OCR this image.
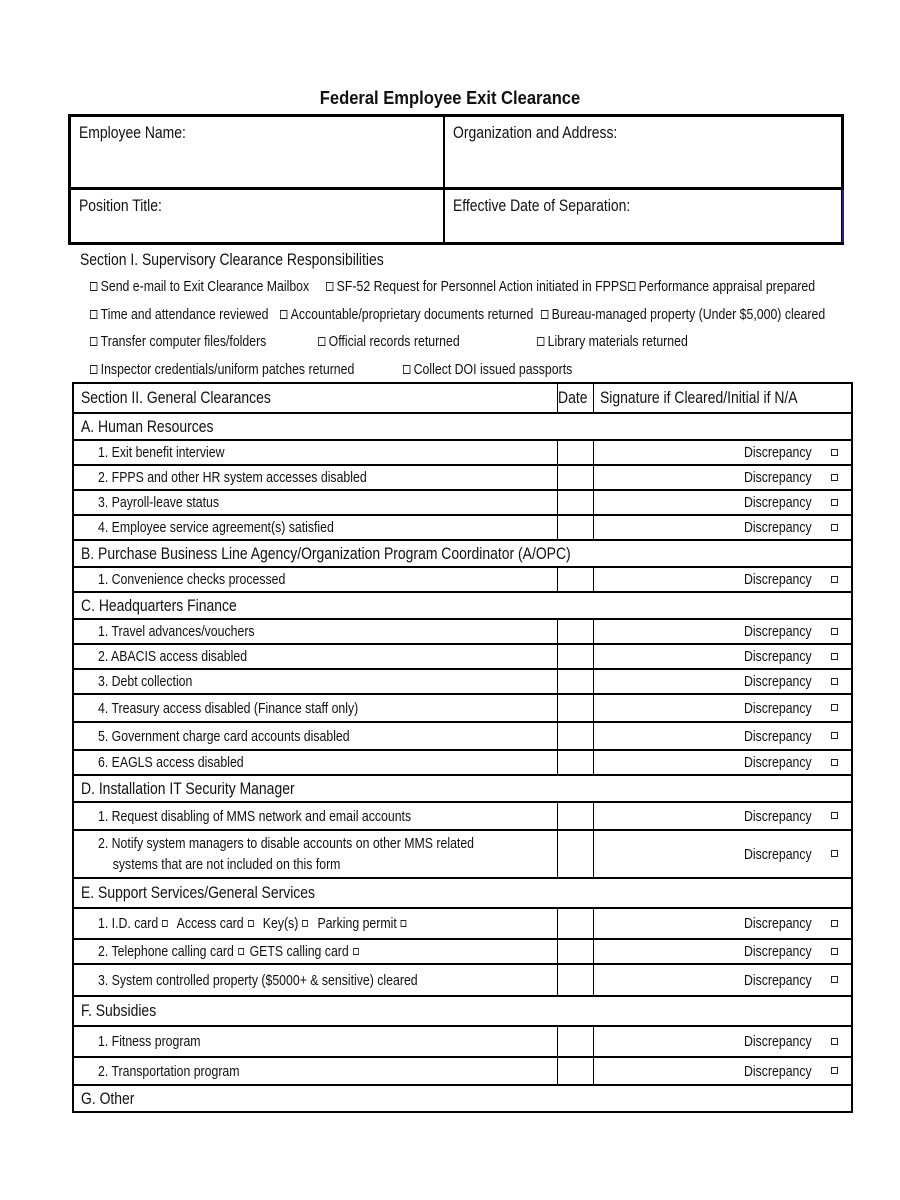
Federal Employee Exit Clearance
Employee Name:	Organization and Address:
Position Title:	Effective Date of Separation:
Section I. Supervisory Clearance Responsibilities
Send e-mail to Exit Clearance Mailbox	SF-52 Request for Personnel Action initiated in FPPS Performance appraisal prepared
Time and attendance reviewed	Accountable/proprietary documents returned	Bureau-managed property (Under $5,000) cleared
Transfer computer files/folders	Official records returned	Library materials returned
Inspector credentials/uniform patches returned	Collect DOI issued passports
Section II. General Clearances	Date	Signature if Cleared/Initial if N/A
A. Human Resources		
1. Exit benefit interview		Discrepancy
2. FPPS and other HR system accesses disabled		Discrepancy
3. Payroll-leave status		Discrepancy
4. Employee service agreement(s) satisfied		Discrepancy
B. Purchase Business Line Agency/Organization Program Coordinator (A/OPC)		
1. Convenience checks processed		Discrepancy
C. Headquarters Finance		
1. Travel advances/vouchers		Discrepancy
2. ABACIS access disabled		Discrepancy
3. Debt collection		Discrepancy
4. Treasury access disabled (Finance staff only)		Discrepancy
5. Government charge card accounts disabled		Discrepancy
6. EAGLS access disabled		Discrepancy
D. Installation IT Security Manager		
1. Request disabling of MMS network and email accounts		Discrepancy
2. Notify system managers to disable accounts on other MMS related
systems that are not included on this form		Discrepancy
E. Support Services/General Services		
1. I.D. card Access card Key(s) Parking permit		Discrepancy
2. Telephone calling card GETS calling card		Discrepancy
3. System controlled property ($5000+ & sensitive) cleared		Discrepancy
F. Subsidies		
1. Fitness program		Discrepancy
2. Transportation program		Discrepancy
G. Other		
